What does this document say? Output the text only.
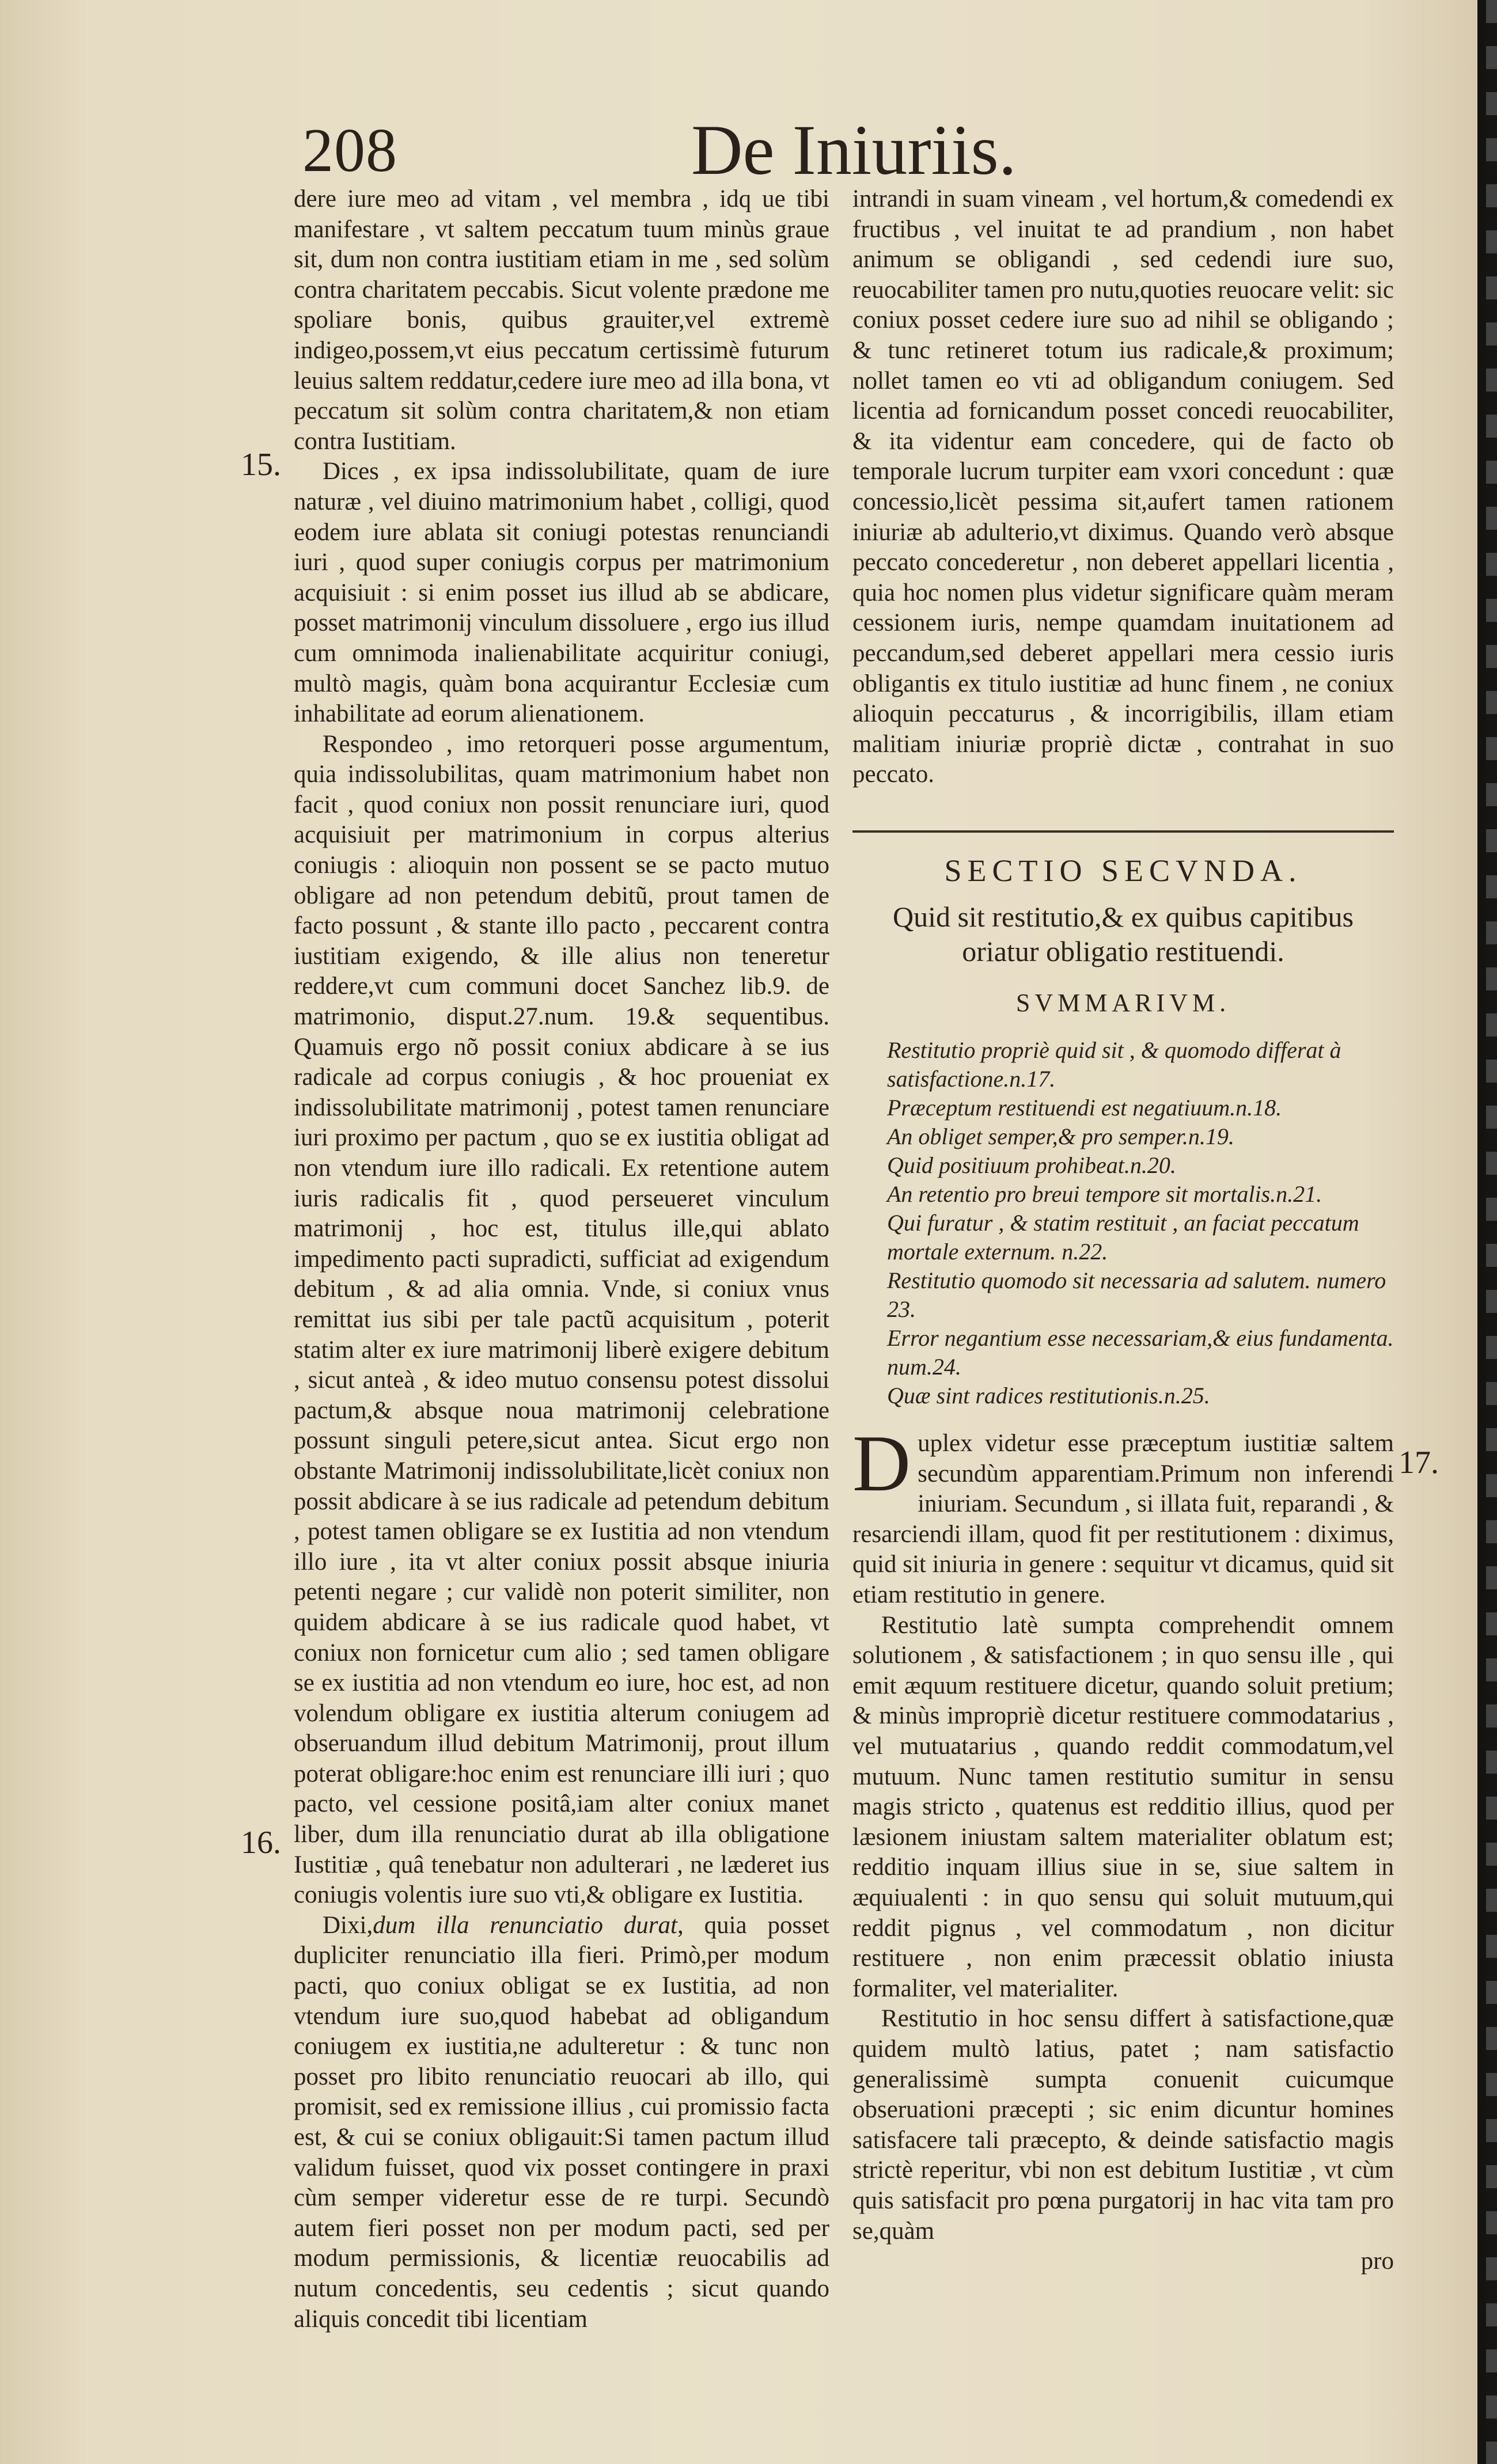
208	De Iniuriis.
15.
16.
17.

dere iure meo ad vitam , vel membra , idq ue tibi manifestare , vt saltem peccatum tuum minùs graue sit, dum non contra iustitiam etiam in me , sed solùm contra charitatem peccabis. Sicut volente prædone me spoliare bonis, quibus grauiter,vel extremè indigeo,possem,vt eius peccatum certissimè futurum leuius saltem reddatur,cedere iure meo ad illa bona, vt peccatum sit solùm contra charitatem,& non etiam contra Iustitiam.

Dices , ex ipsa indissolubilitate, quam de iure naturæ , vel diuino matrimonium habet , colligi, quod eodem iure ablata sit coniugi potestas renunciandi iuri , quod super coniugis corpus per matrimonium acquisiuit : si enim posset ius illud ab se abdicare, posset matrimonij vinculum dissoluere , ergo ius illud cum omnimoda inalienabilitate acquiritur coniugi, multò magis, quàm bona acquirantur Ecclesiæ cum inhabilitate ad eorum alienationem.

Respondeo , imo retorqueri posse argumentum, quia indissolubilitas, quam matrimonium habet non facit , quod coniux non possit renunciare iuri, quod acquisiuit per matrimonium in corpus alterius coniugis : alioquin non possent se se pacto mutuo obligare ad non petendum debitũ, prout tamen de facto possunt , & stante illo pacto , peccarent contra iustitiam exigendo, & ille alius non teneretur reddere,vt cum communi docet Sanchez lib.9. de matrimonio, disput.27.num. 19.& sequentibus. Quamuis ergo nõ possit coniux abdicare à se ius radicale ad corpus coniugis , & hoc proueniat ex indissolubilitate matrimonij , potest tamen renunciare iuri proximo per pactum , quo se ex iustitia obligat ad non vtendum iure illo radicali. Ex retentione autem iuris radicalis fit , quod perseueret vinculum matrimonij , hoc est, titulus ille,qui ablato impedimento pacti supradicti, sufficiat ad exigendum debitum , & ad alia omnia. Vnde, si coniux vnus remittat ius sibi per tale pactũ acquisitum , poterit statim alter ex iure matrimonij liberè exigere debitum , sicut anteà , & ideo mutuo consensu potest dissolui pactum,& absque noua matrimonij celebratione possunt singuli petere,sicut antea. Sicut ergo non obstante Matrimonij indissolubilitate,licèt coniux non possit abdicare à se ius radicale ad petendum debitum , potest tamen obligare se ex Iustitia ad non vtendum illo iure , ita vt alter coniux possit absque iniuria petenti negare ; cur validè non poterit similiter, non quidem abdicare à se ius radicale quod habet, vt coniux non fornicetur cum alio ; sed tamen obligare se ex iustitia ad non vtendum eo iure, hoc est, ad non volendum obligare ex iustitia alterum coniugem ad obseruandum illud debitum Matrimonij, prout illum poterat obligare:hoc enim est renunciare illi iuri ; quo pacto, vel cessione positâ,iam alter coniux manet liber, dum illa renunciatio durat ab illa obligatione Iustitiæ , quâ tenebatur non adulterari , ne læderet ius coniugis volentis iure suo vti,& obligare ex Iustitia.

Dixi,dum illa renunciatio durat, quia posset dupliciter renunciatio illa fieri. Primò,per modum pacti, quo coniux obligat se ex Iustitia, ad non vtendum iure suo,quod habebat ad obligandum coniugem ex iustitia,ne adulteretur : & tunc non posset pro libito renunciatio reuocari ab illo, qui promisit, sed ex remissione illius , cui promissio facta est, & cui se coniux obligauit:Si tamen pactum illud validum fuisset, quod vix posset contingere in praxi cùm semper videretur esse de re turpi. Secundò autem fieri posset non per modum pacti, sed per modum permissionis, & licentiæ reuocabilis ad nutum concedentis, seu cedentis ; sicut quando aliquis concedit tibi licentiam

intrandi in suam vineam , vel hortum,& comedendi ex fructibus , vel inuitat te ad prandium , non habet animum se obligandi , sed cedendi iure suo, reuocabiliter tamen pro nutu,quoties reuocare velit: sic coniux posset cedere iure suo ad nihil se obligando ; & tunc retineret totum ius radicale,& proximum; nollet tamen eo vti ad obligandum coniugem. Sed licentia ad fornicandum posset concedi reuocabiliter, & ita videntur eam concedere, qui de facto ob temporale lucrum turpiter eam vxori concedunt : quæ concessio,licèt pessima sit,aufert tamen rationem iniuriæ ab adulterio,vt diximus. Quando verò absque peccato concederetur , non deberet appellari licentia , quia hoc nomen plus videtur significare quàm meram cessionem iuris, nempe quamdam inuitationem ad peccandum,sed deberet appellari mera cessio iuris obligantis ex titulo iustitiæ ad hunc finem , ne coniux alioquin peccaturus , & incorrigibilis, illam etiam malitiam iniuriæ propriè dictæ , contrahat in suo peccato.

SECTIO SECVNDA.
Quid sit restitutio,& ex quibus capitibus oriatur obligatio restituendi.
SVMMARIVM.

Restitutio propriè quid sit , & quomodo differat à satisfactione.n.17.

Præceptum restituendi est negatiuum.n.18.

An obliget semper,& pro semper.n.19.

Quid positiuum prohibeat.n.20.

An retentio pro breui tempore sit mortalis.n.21.

Qui furatur , & statim restituit , an faciat peccatum mortale externum. n.22.

Restitutio quomodo sit necessaria ad salutem. numero 23.

Error negantium esse necessariam,& eius fundamenta. num.24.

Quæ sint radices restitutionis.n.25.

Duplex videtur esse præceptum iustitiæ saltem secundùm apparentiam.Primum non inferendi iniuriam. Secundum , si illata fuit, reparandi , & resarciendi illam, quod fit per restitutionem : diximus, quid sit iniuria in genere : sequitur vt dicamus, quid sit etiam restitutio in genere.

Restitutio latè sumpta comprehendit omnem solutionem , & satisfactionem ; in quo sensu ille , qui emit æquum restituere dicetur, quando soluit pretium; & minùs impropriè dicetur restituere commodatarius , vel mutuatarius , quando reddit commodatum,vel mutuum. Nunc tamen restitutio sumitur in sensu magis stricto , quatenus est redditio illius, quod per læsionem iniustam saltem materialiter oblatum est; redditio inquam illius siue in se, siue saltem in æquiualenti : in quo sensu qui soluit mutuum,qui reddit pignus , vel commodatum , non dicitur restituere , non enim præcessit oblatio iniusta formaliter, vel materialiter.

Restitutio in hoc sensu differt à satisfactione,quæ quidem multò latius, patet ; nam satisfactio generalissimè sumpta conuenit cuicumque obseruationi præcepti ; sic enim dicuntur homines satisfacere tali præcepto, & deinde satisfactio magis strictè reperitur, vbi non est debitum Iustitiæ , vt cùm quis satisfacit pro pœna purgatorij in hac vita tam pro se,quàm

pro
